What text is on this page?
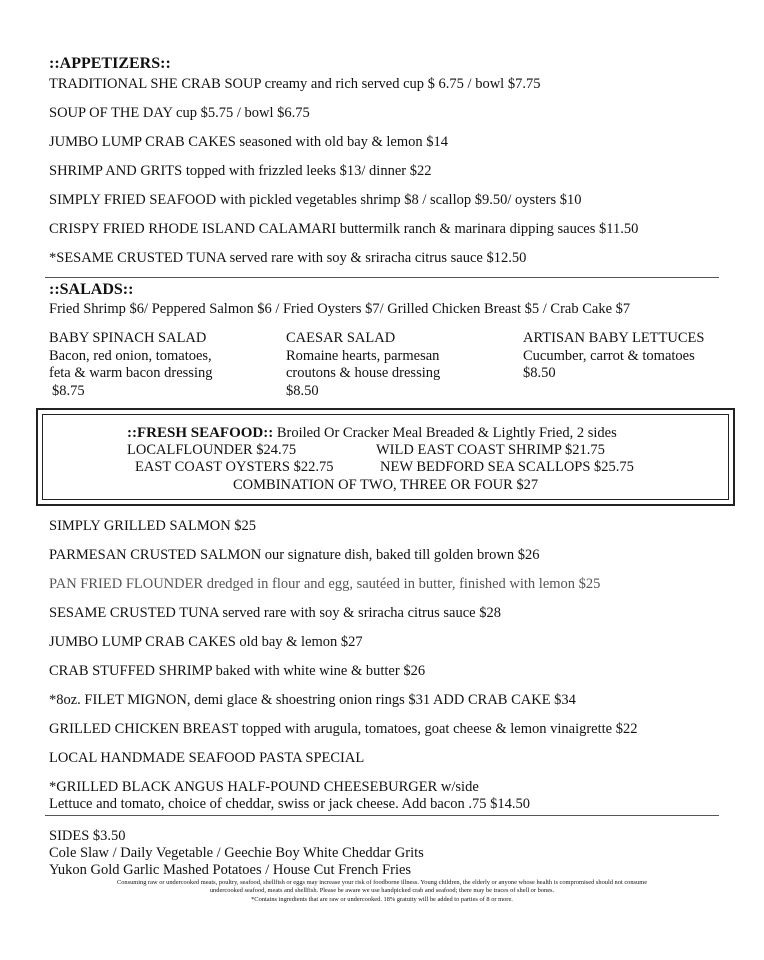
::APPETIZERS::
TRADITIONAL SHE CRAB SOUP creamy and rich served cup $ 6.75 / bowl $7.75
SOUP OF THE DAY cup $5.75 / bowl $6.75
JUMBO LUMP CRAB CAKES seasoned with old bay & lemon $14
SHRIMP AND GRITS topped with frizzled leeks $13/ dinner $22
SIMPLY FRIED SEAFOOD with pickled vegetables shrimp $8 / scallop $9.50/ oysters $10
CRISPY FRIED RHODE ISLAND CALAMARI buttermilk ranch & marinara dipping sauces $11.50
*SESAME CRUSTED TUNA served rare with soy & sriracha citrus sauce $12.50
::SALADS::
Fried Shrimp $6/ Peppered Salmon $6 / Fried Oysters $7/ Grilled Chicken Breast $5 / Crab Cake $7
BABY SPINACH SALAD
Bacon, red onion, tomatoes,
feta & warm bacon dressing
$8.75
CAESAR SALAD
Romaine hearts, parmesan
croutons & house dressing
$8.50
ARTISAN BABY LETTUCES
Cucumber, carrot & tomatoes
$8.50
::FRESH SEAFOOD:: Broiled Or Cracker Meal Breaded & Lightly Fried, 2 sides
LOCALFLOUNDER $24.75	WILD EAST COAST SHRIMP $21.75
EAST COAST OYSTERS $22.75	NEW BEDFORD SEA SCALLOPS $25.75
COMBINATION OF TWO, THREE OR FOUR $27
SIMPLY GRILLED SALMON $25
PARMESAN CRUSTED SALMON our signature dish, baked till golden brown $26
PAN FRIED FLOUNDER dredged in flour and egg, sautéed in butter, finished with lemon $25
SESAME CRUSTED TUNA served rare with soy & sriracha citrus sauce $28
JUMBO LUMP CRAB CAKES old bay & lemon $27
CRAB STUFFED SHRIMP baked with white wine & butter $26
*8oz. FILET MIGNON, demi glace & shoestring onion rings $31 ADD CRAB CAKE $34
GRILLED CHICKEN BREAST topped with arugula, tomatoes, goat cheese & lemon vinaigrette $22
LOCAL HANDMADE SEAFOOD PASTA SPECIAL
*GRILLED BLACK ANGUS HALF-POUND CHEESEBURGER w/side
Lettuce and tomato, choice of cheddar, swiss or jack cheese. Add bacon .75 $14.50
SIDES $3.50
Cole Slaw / Daily Vegetable / Geechie Boy White Cheddar Grits
Yukon Gold Garlic Mashed Potatoes / House Cut French Fries
Consuming raw or undercooked meats, poultry, seafood, shellfish or eggs may increase your risk of foodborne illness. Young children, the elderly or anyone whose health is compromised should not consume
undercooked seafood, meats and shellfish. Please be aware we use handpicked crab and seafood; there may be traces of shell or bones.
*Contains ingredients that are raw or undercooked. 18% gratuity will be added to parties of 8 or more.
